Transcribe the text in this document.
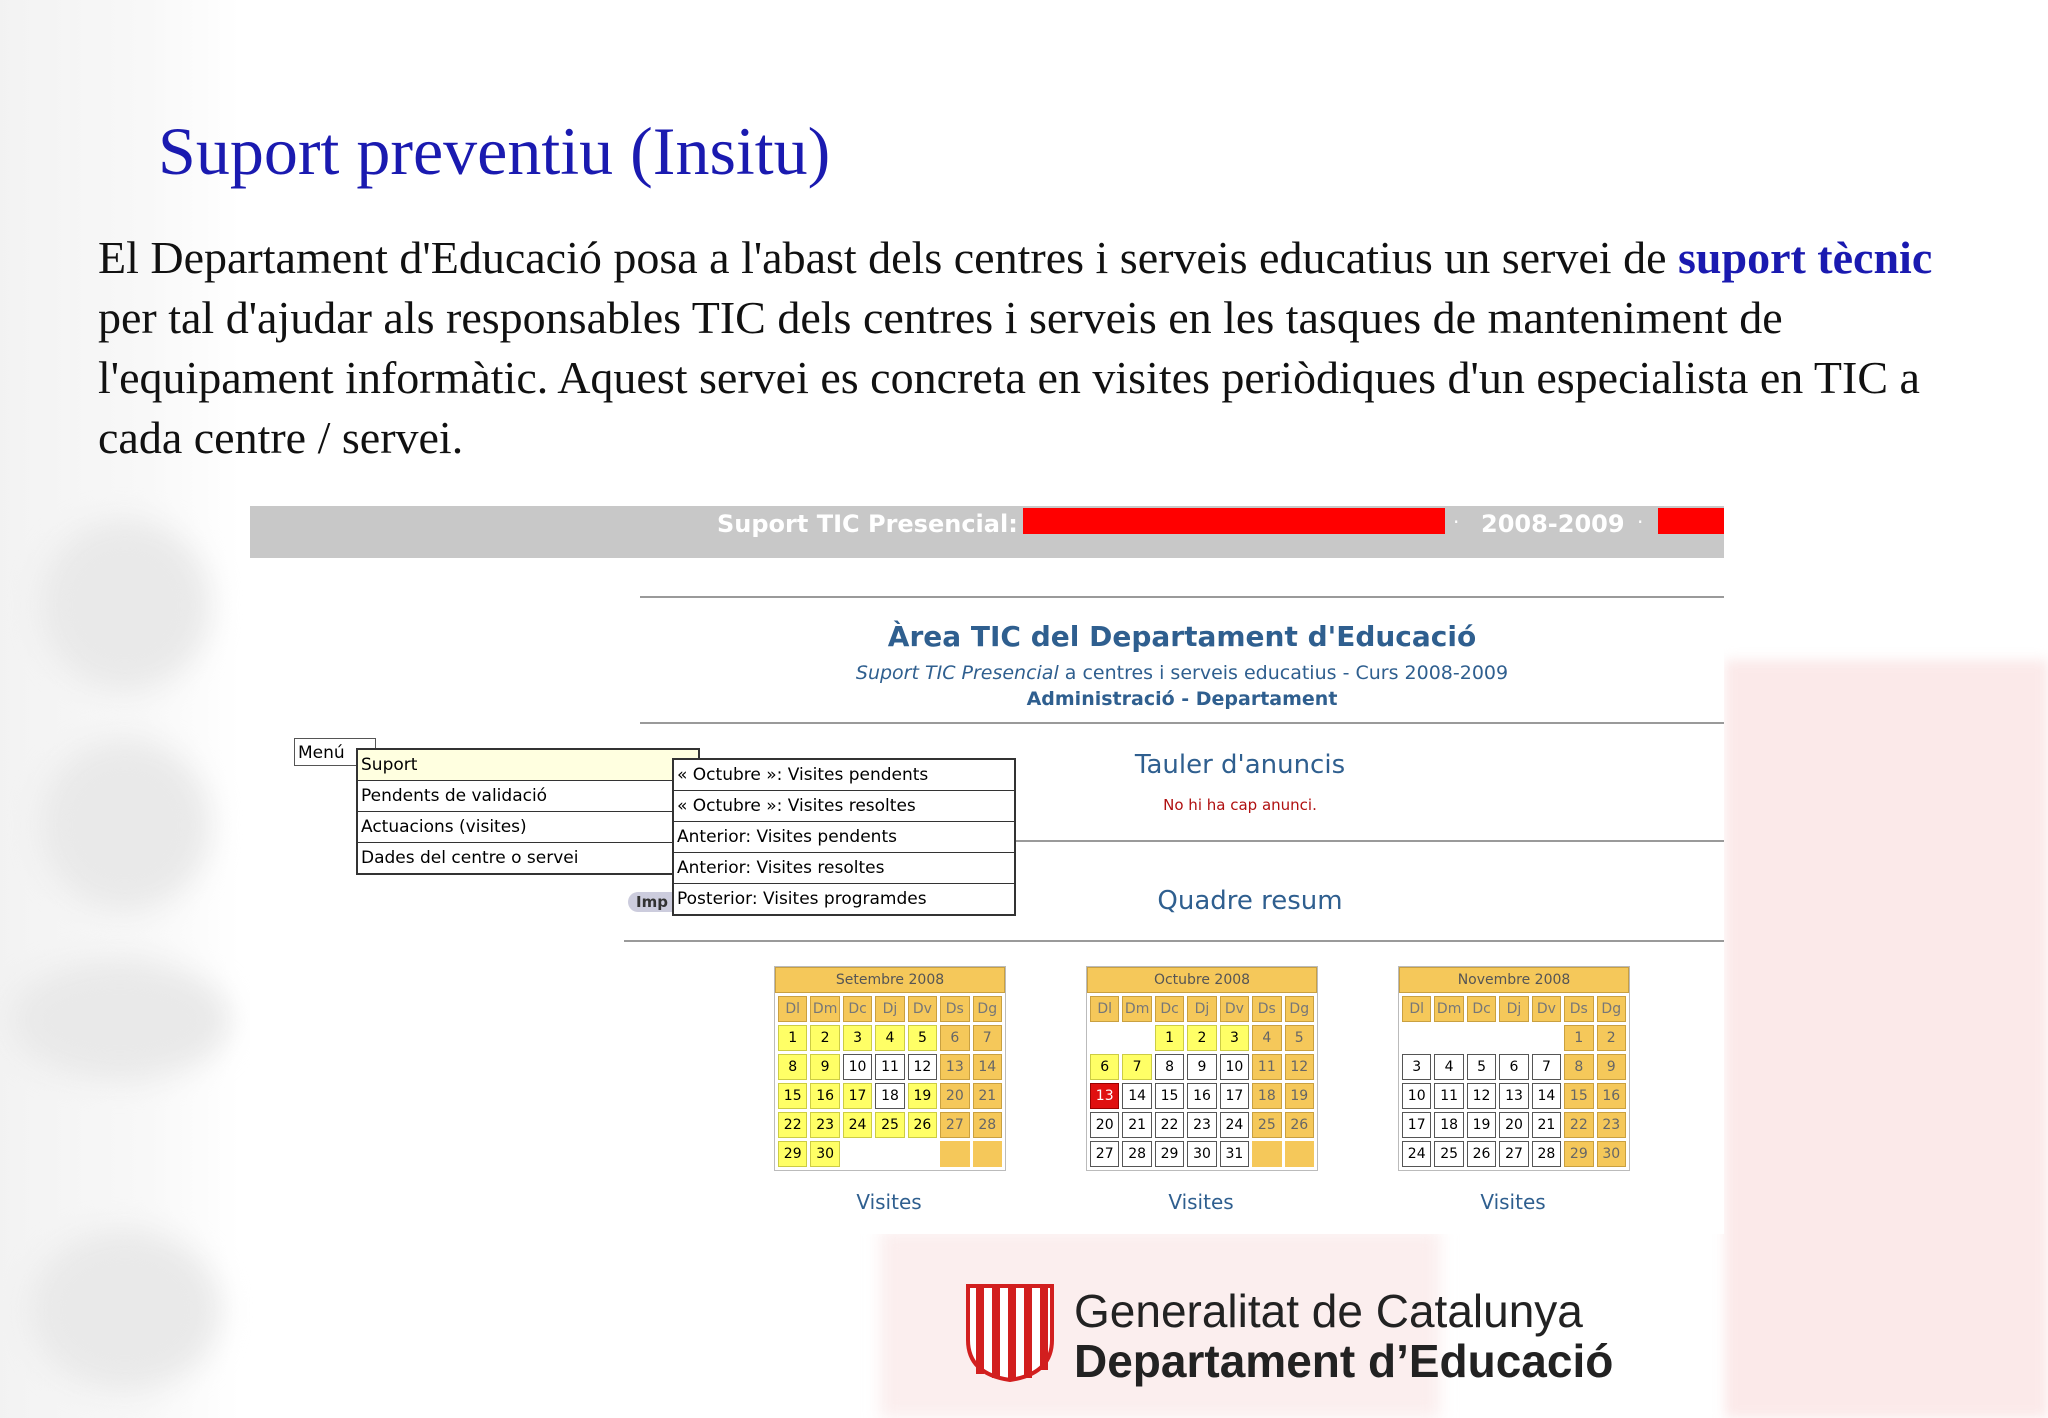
Suport preventiu (Insitu)

El Departament d'Educació posa a l'abast dels centres i serveis educatius un servei de suport tècnic per tal d'ajudar als responsables TIC dels centres i serveis en les tasques de manteniment de l'equipament informàtic. Aquest servei es concreta en visites periòdiques d'un especialista en TIC a cada centre / servei.

Suport TIC Presencial:	· 2008-2009 ·
Àrea TIC del Departament d'Educació
Suport TIC Presencial a centres i serveis educatius - Curs 2008-2009
Administració - Departament
Tauler d'anuncis
No hi ha cap anunci.
Quadre resum
Menú
Suport
Pendents de validació
Actuacions (visites)
Dades del centre o servei
Imp
« Octubre »: Visites pendents
« Octubre »: Visites resoltes
Anterior: Visites pendents
Anterior: Visites resoltes
Posterior: Visites programdes
Setembre 2008
Dl	Dm	Dc	Dj	Dv	Ds	Dg
1	2	3	4	5	6	7
8	9	10	11	12	13	14
15	16	17	18	19	20	21
22	23	24	25	26	27	28
29	30					
Visites
Octubre 2008
Dl	Dm	Dc	Dj	Dv	Ds	Dg
		1	2	3	4	5
6	7	8	9	10	11	12
13	14	15	16	17	18	19
20	21	22	23	24	25	26
27	28	29	30	31		
Visites
Novembre 2008
Dl	Dm	Dc	Dj	Dv	Ds	Dg
					1	2
3	4	5	6	7	8	9
10	11	12	13	14	15	16
17	18	19	20	21	22	23
24	25	26	27	28	29	30
Visites
Generalitat de Catalunya
Departament d’Educació
